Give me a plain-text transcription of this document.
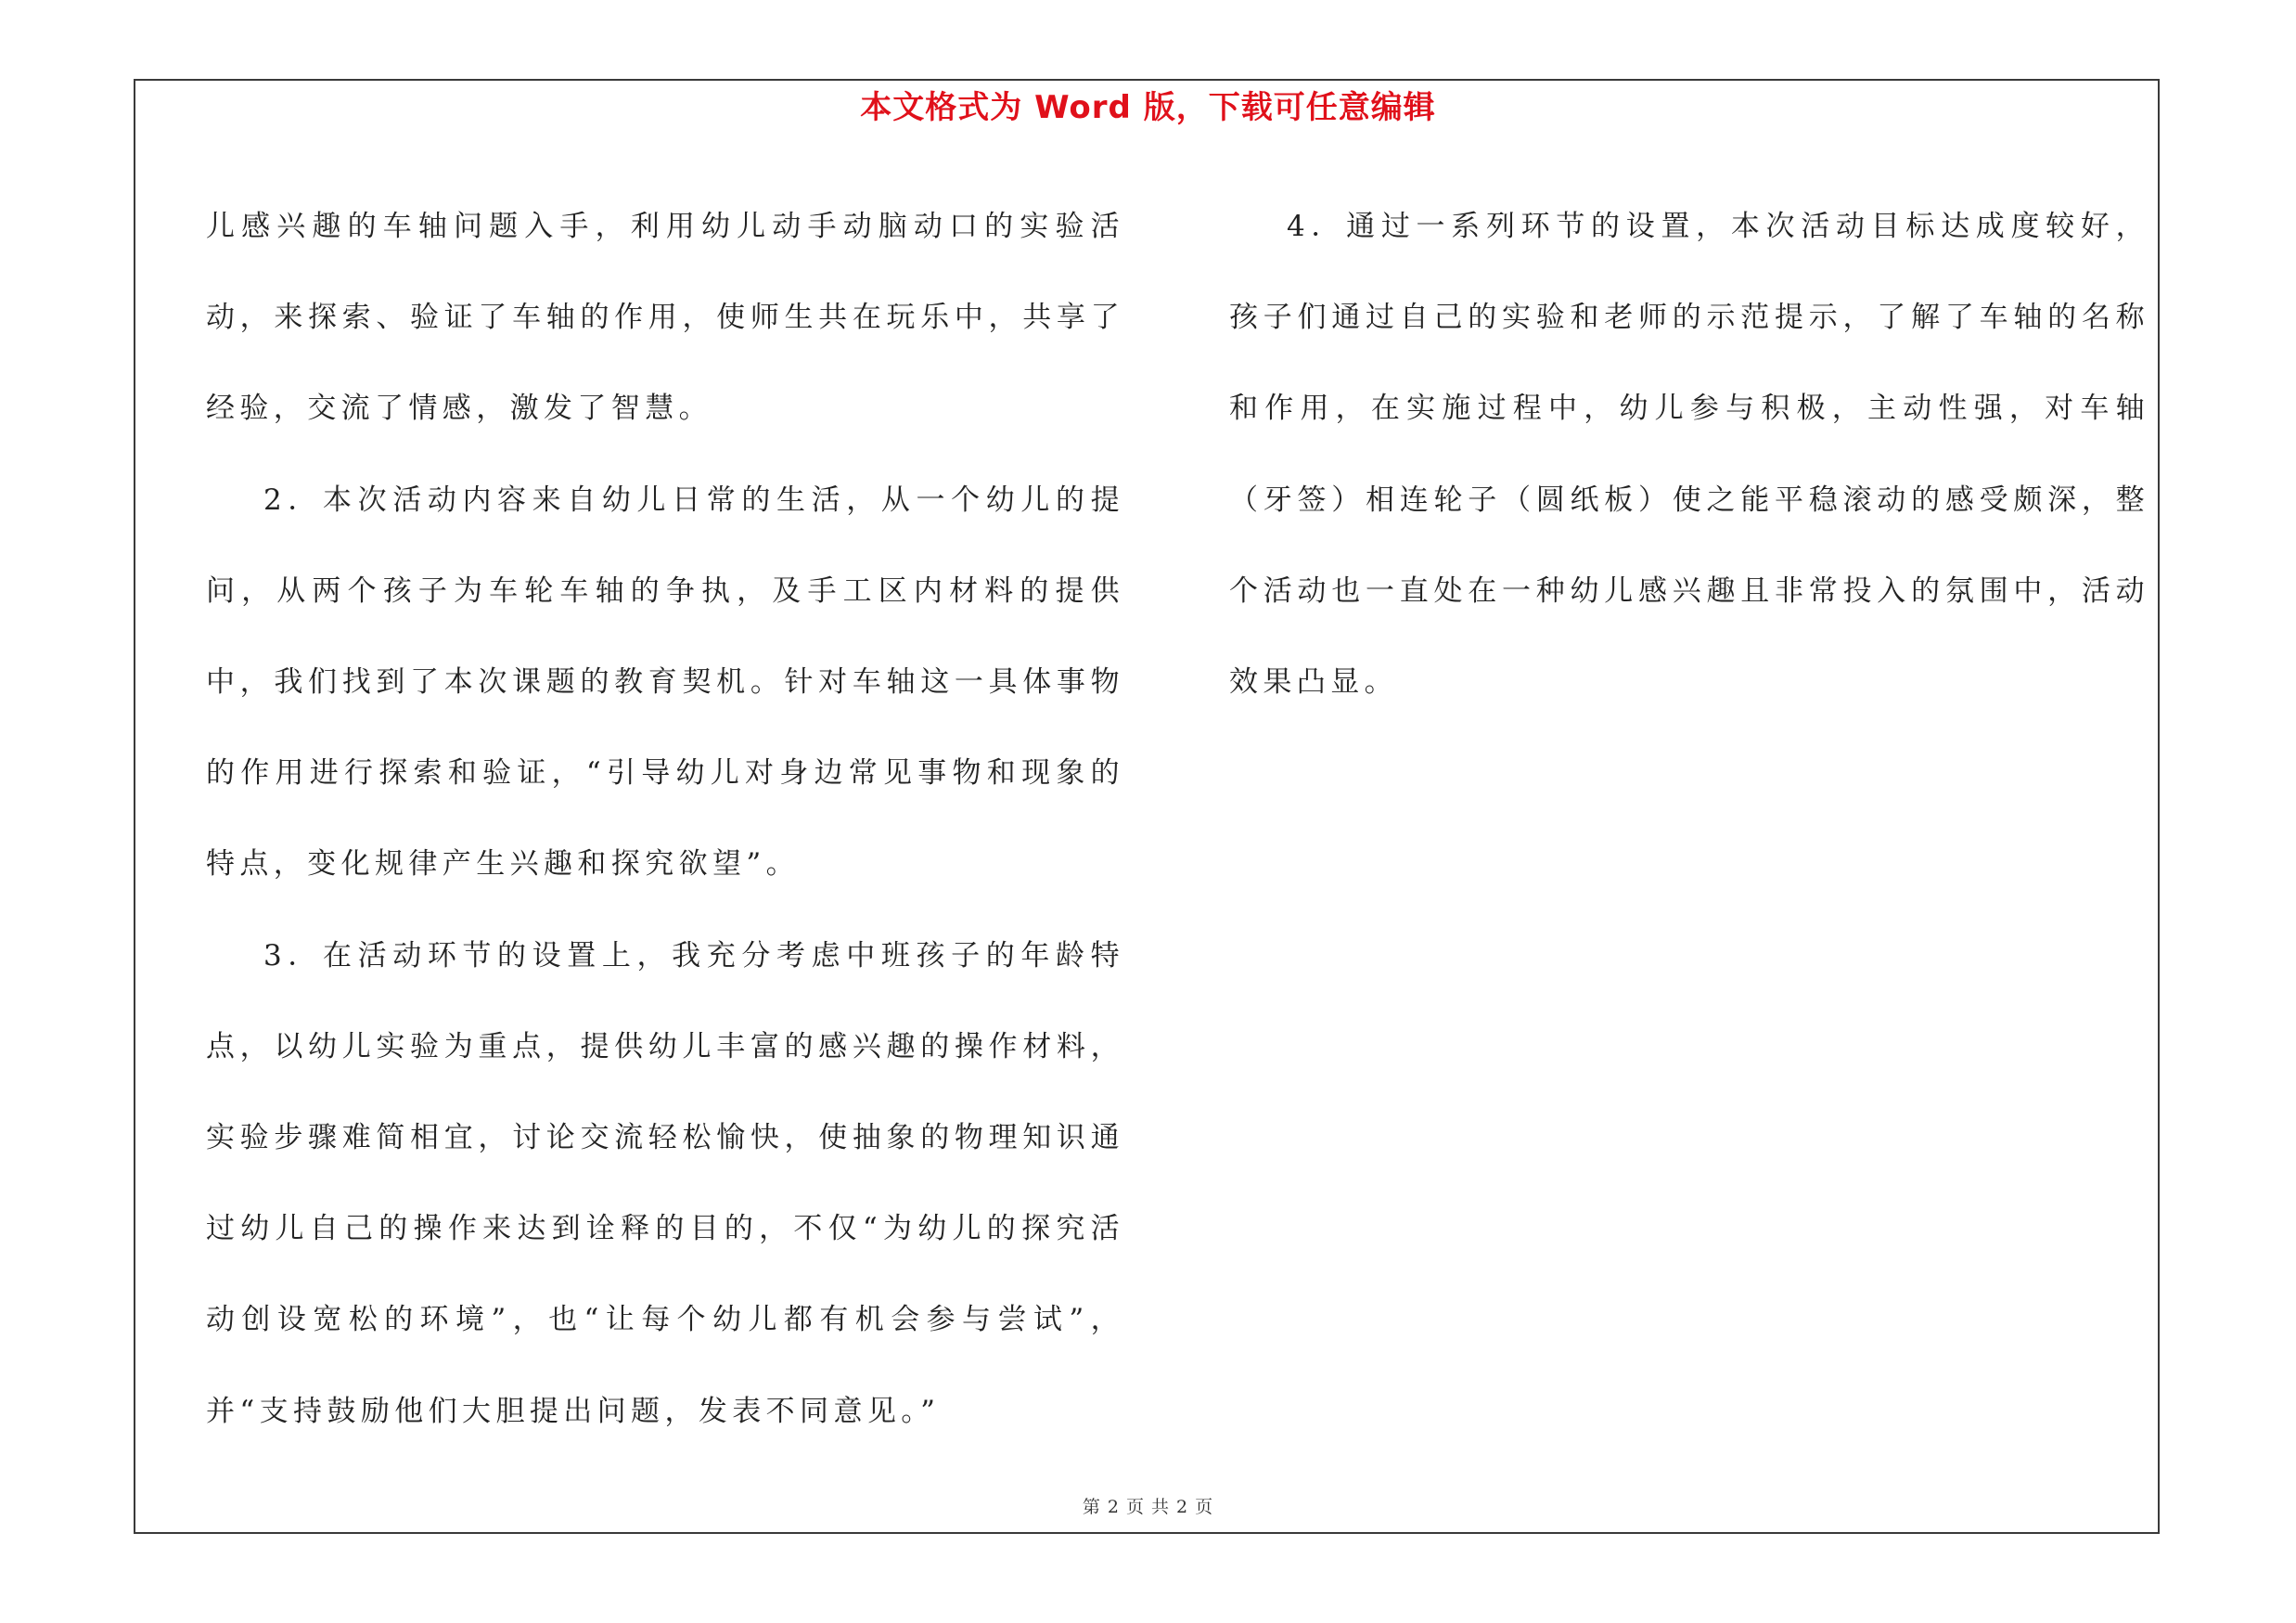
本文格式为 Word 版，下载可任意编辑

儿感兴趣的车轴问题入手，利用幼儿动手动脑动口的实验活动，来探索、验证了车轴的作用，使师生共在玩乐中，共享了经验，交流了情感，激发了智慧。

2．本次活动内容来自幼儿日常的生活，从一个幼儿的提问，从两个孩子为车轮车轴的争执，及手工区内材料的提供中，我们找到了本次课题的教育契机。针对车轴这一具体事物的作用进行探索和验证，“引导幼儿对身边常见事物和现象的特点，变化规律产生兴趣和探究欲望”。

3．在活动环节的设置上，我充分考虑中班孩子的年龄特点，以幼儿实验为重点，提供幼儿丰富的感兴趣的操作材料，实验步骤难简相宜，讨论交流轻松愉快，使抽象的物理知识通过幼儿自己的操作来达到诠释的目的，不仅“为幼儿的探究活动创设宽松的环境”，也“让每个幼儿都有机会参与尝试”，并“支持鼓励他们大胆提出问题，发表不同意见。”

4．通过一系列环节的设置，本次活动目标达成度较好，孩子们通过自己的实验和老师的示范提示，了解了车轴的名称和作用，在实施过程中，幼儿参与积极，主动性强，对车轴（牙签）相连轮子（圆纸板）使之能平稳滚动的感受颇深，整个活动也一直处在一种幼儿感兴趣且非常投入的氛围中，活动效果凸显。

第 2 页 共 2 页
